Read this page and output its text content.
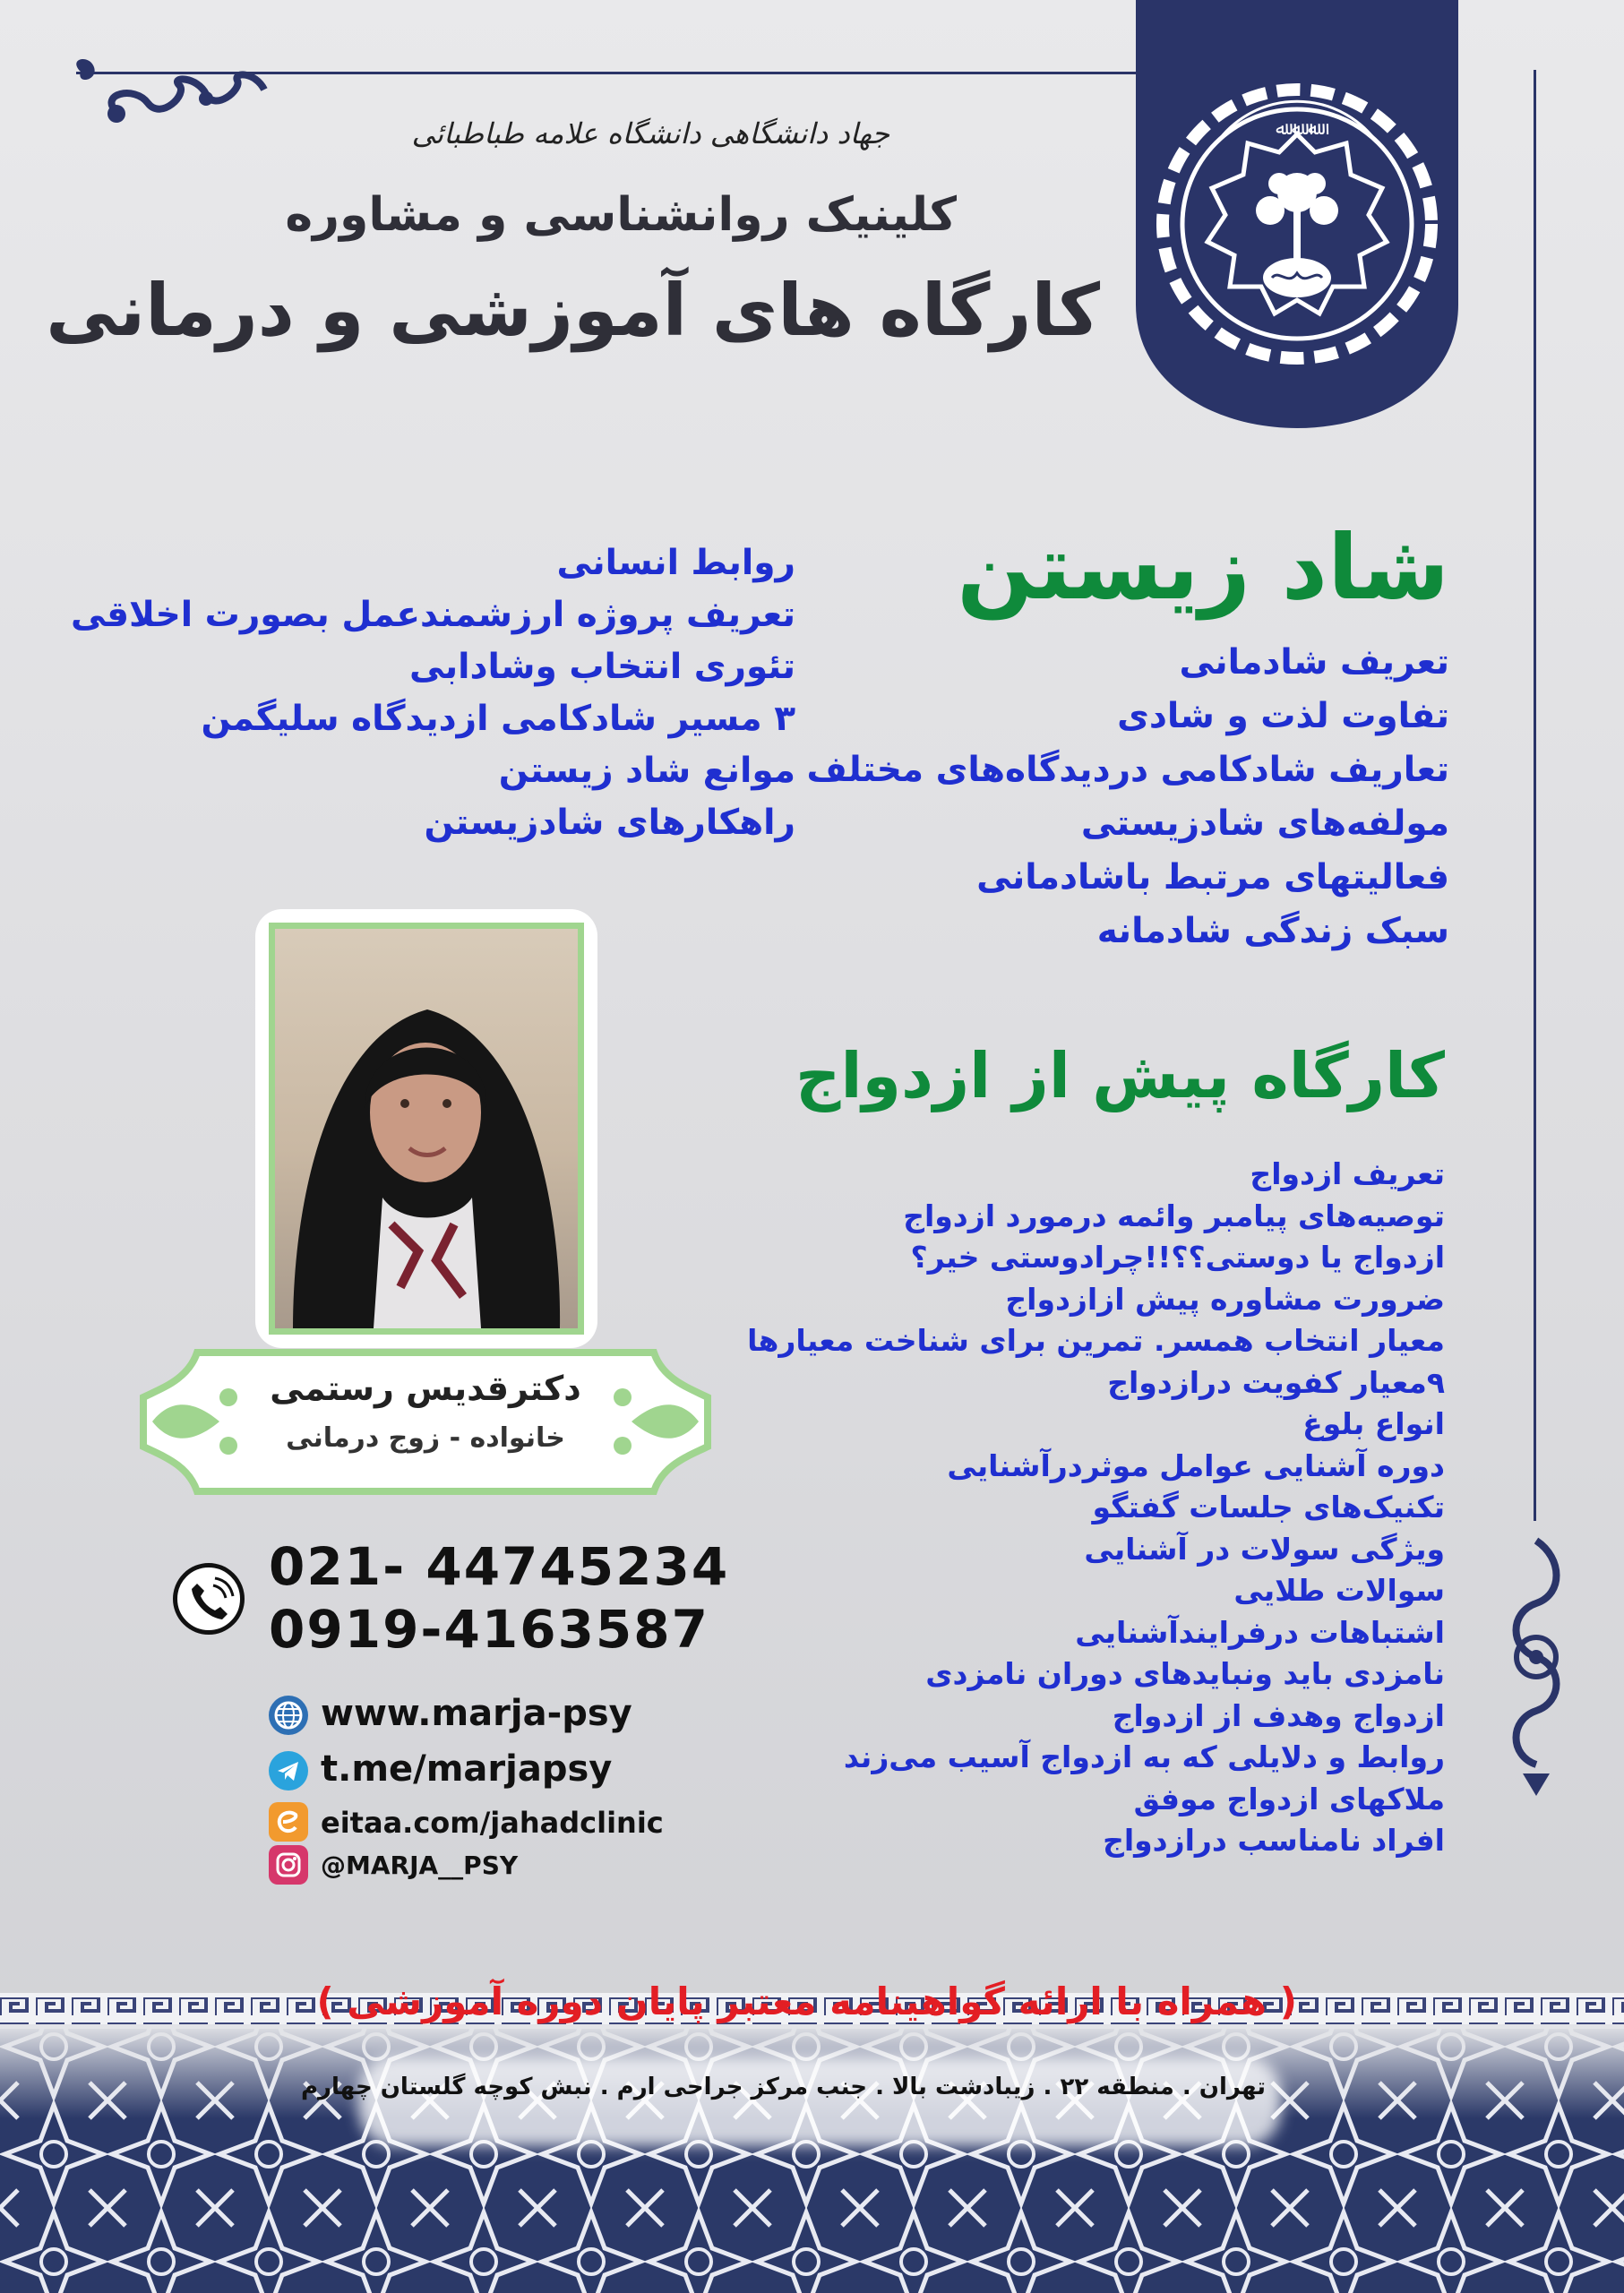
تهران . منطقه ۲۲ . زیبادشت بالا . جنب مرکز جراحی ارم . نبش کوچه گلستان چهارم
ﷲ ﷲ ﷲ
جهاد دانشگاهی دانشگاه علامه طباطبائی
کلینیک روانشناسی و مشاوره
کارگاه های آموزشی و درمانی
شاد زیستن
تعریف شادمانی
تفاوت لذت و شادی
تعاریف شادکامی دردیدگاه‌های مختلف
مولفه‌های شادزیستی
فعالیتهای مرتبط باشادمانی
سبک زندگی شادمانه
روابط انسانی
تعریف پروژه ارزشمندعمل بصورت اخلاقی
تئوری انتخاب وشادابی
۳ مسیر شادکامی ازدیدگاه سلیگمن
موانع شاد زیستن
راهکارهای شادزیستن
کارگاه پیش از ازدواج
تعریف ازدواج
توصیه‌های پیامبر وائمه درمورد ازدواج
ازدواج یا دوستی؟؟!!چرادوستی خیر؟
ضرورت مشاوره پیش ازازدواج
معیار انتخاب همسر. تمرین برای شناخت معیارها
۹معیار کفویت درازدواج
انواع بلوغ
دوره آشنایی عوامل موثردرآشنایی
تکنیک‌های جلسات گفتگو
ویژگی سولات در آشنایی
سوالات طلایی
اشتباهات درفرایندآشنایی
نامزدی باید ونبایدهای دوران نامزدی
ازدواج وهدف از ازدواج
روابط و دلایلی که به ازدواج آسیب می‌زند
ملاکهای ازدواج موفق
افراد نامناسب درازدواج
دکترقدیس رستمی
خانواده - زوج درمانی
021- 44745234
0919-4163587
www.marja-psy
t.me/marjapsy
eitaa.com/jahadclinic
@MARJA__PSY
( همراه با ارائه گواهینامه معتبر پایان دوره آموزشی )
